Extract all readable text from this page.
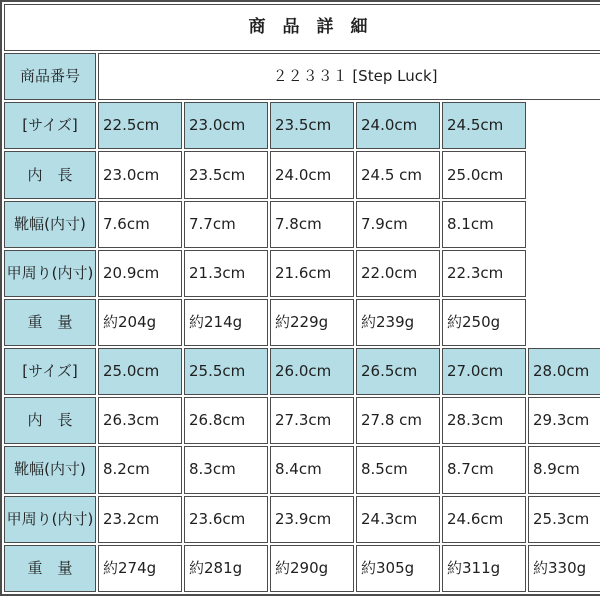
商　品　詳　細						
商品番号	２２３３１ [Step Luck]					
[サイズ]	22.5cm	23.0cm	23.5cm	24.0cm	24.5cm	
内　長	23.0cm	23.5cm	24.0cm	24.5 cm	25.0cm	
靴幅(内寸)	7.6cm	7.7cm	7.8cm	7.9cm	8.1cm	
甲周り(内寸)	20.9cm	21.3cm	21.6cm	22.0cm	22.3cm	
重　量	約204g	約214g	約229g	約239g	約250g	
[サイズ]	25.0cm	25.5cm	26.0cm	26.5cm	27.0cm	28.0cm
内　長	26.3cm	26.8cm	27.3cm	27.8 cm	28.3cm	29.3cm
靴幅(内寸)	8.2cm	8.3cm	8.4cm	8.5cm	8.7cm	8.9cm
甲周り(内寸)	23.2cm	23.6cm	23.9cm	24.3cm	24.6cm	25.3cm
重　量	約274g	約281g	約290g	約305g	約311g	約330g
